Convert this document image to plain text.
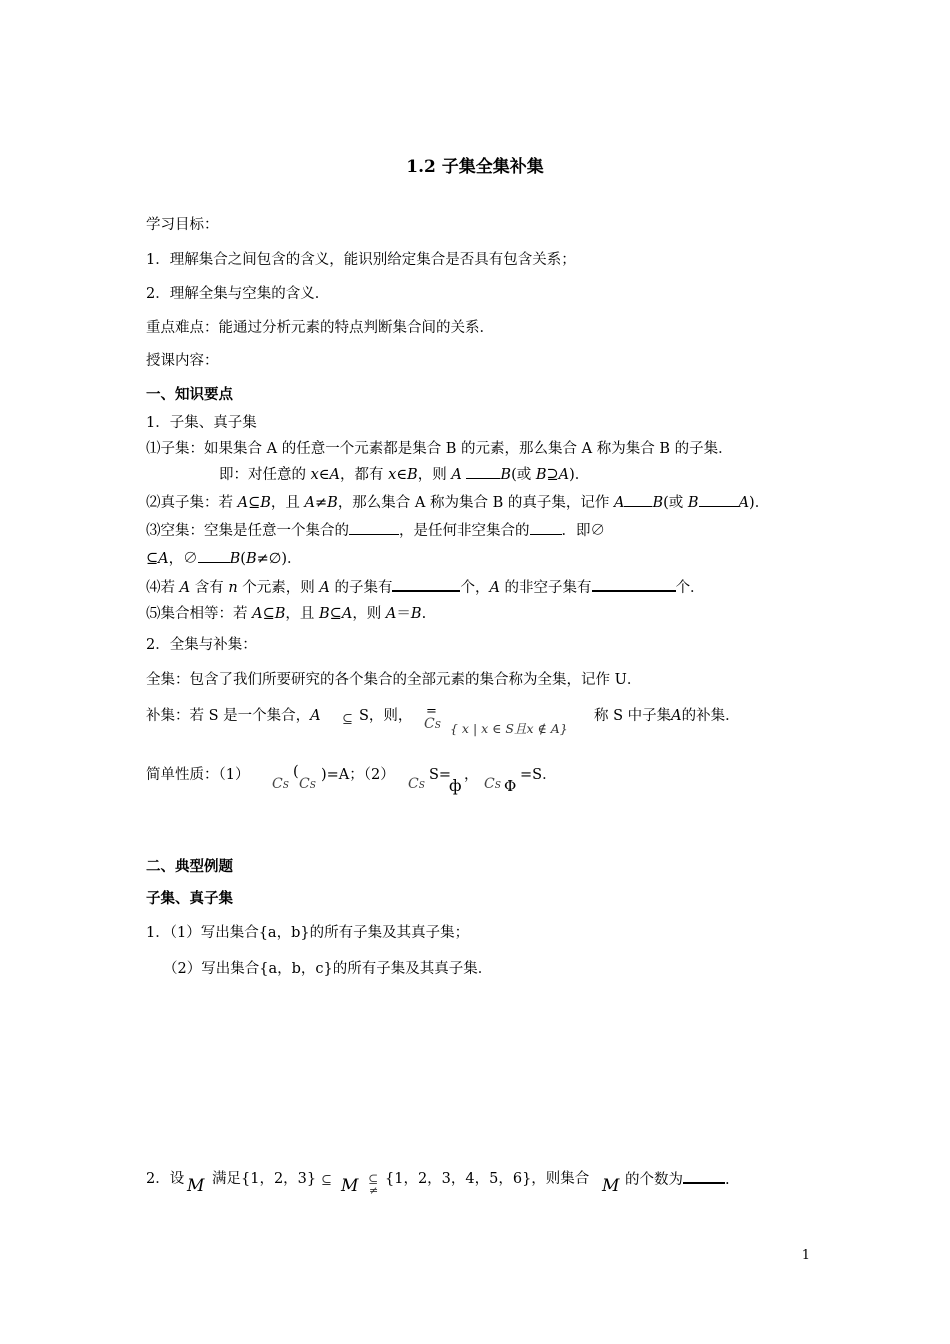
1.2 子集全集补集
学习目标：
1．理解集合之间包含的含义，能识别给定集合是否具有包含关系；
2．理解全集与空集的含义．
重点难点：能通过分析元素的特点判断集合间的关系．
授课内容：
一、知识要点
1．子集、真子集
⑴子集：如果集合 A 的任意一个元素都是集合 B 的元素，那么集合 A 称为集合 B 的子集．
即：对任意的 x∈A，都有 x∈B，则 A	B(或 B⊇A)．
⑵真子集：若 A⊆B，且 A≠B，那么集合 A 称为集合 B 的真子集，记作 A B(或 B	A)．
⑶空集：空集是任意一个集合的	，是任何非空集合的 ．即∅
⊆A，∅ B(B≠∅)．
⑷若 A 含有 n 个元素，则 A 的子集有	个，A 的非空子集有	个．
⑸集合相等：若 A⊆B，且 B⊆A，则 A＝B.
2．全集与补集：
全集：包含了我们所要研究的各个集合的全部元素的集合称为全集，记作 U．
补集：若 S 是一个集合，A ⊆ S，则， CS
=
{ x | x ∈ S且x ∉ A}
称 S 中子集A的补集．
简单性质：（1）
CS
(
CS
)=A；（2）
CS
S=
ф
，
CS Φ
=S．
二、典型例题
子集、真子集
1．（1）写出集合{a，b}的所有子集及其真子集；
（2）写出集合{a，b，c}的所有子集及其真子集．
2．设 M 满足{1，2，3} ⊆ M ⊆
≠
{1，2，3，4，5，6}，则集合 M 的个数为	.
1
